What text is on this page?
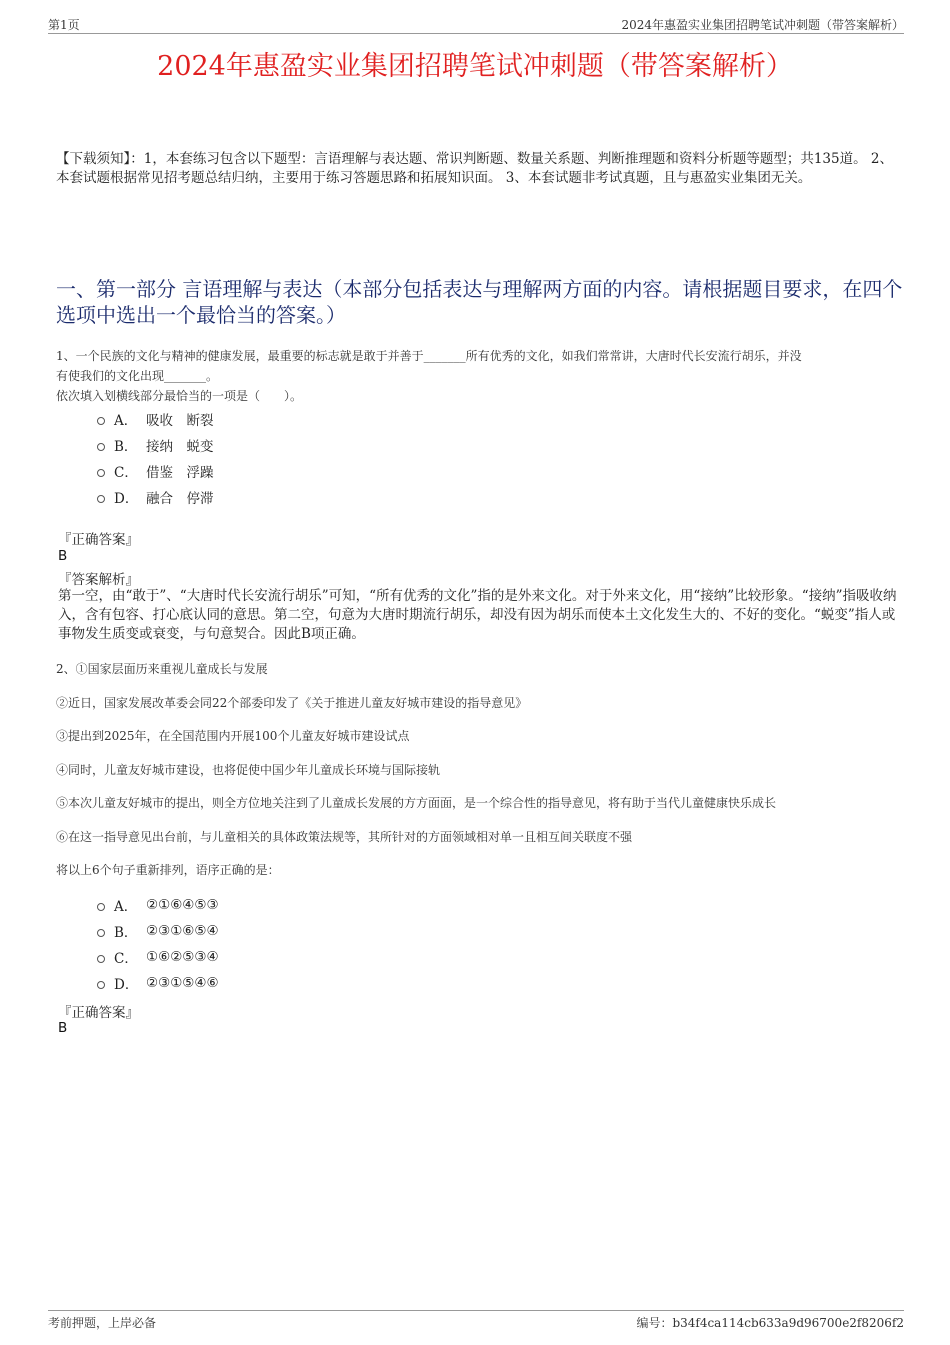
第1页	2024年惠盈实业集团招聘笔试冲刺题（带答案解析）
2024年惠盈实业集团招聘笔试冲刺题（带答案解析）
【下载须知】：1，本套练习包含以下题型：言语理解与表达题、常识判断题、数量关系题、判断推理题和资料分析题等题型；共135道。 2、本套试题根据常见招考题总结归纳，主要用于练习答题思路和拓展知识面。 3、本套试题非考试真题，且与惠盈实业集团无关。
一、第一部分 言语理解与表达（本部分包括表达与理解两方面的内容。请根据题目要求，在四个选项中选出一个最恰当的答案。）
1、一个民族的文化与精神的健康发展，最重要的标志就是敢于并善于_______所有优秀的文化，如我们常常讲，大唐时代长安流行胡乐，并没
有使我们的文化出现_______。
依次填入划横线部分最恰当的一项是（　　）。
A． 吸收　断裂
B． 接纳　蜕变
C． 借鉴　浮躁
D． 融合　停滞
『正确答案』
B
『答案解析』
第一空，由“敢于”、“大唐时代长安流行胡乐”可知，“所有优秀的文化”指的是外来文化。对于外来文化，用“接纳”比较形象。“接纳”指吸收纳入，含有包容、打心底认同的意思。第二空，句意为大唐时期流行胡乐，却没有因为胡乐而使本土文化发生大的、不好的变化。“蜕变”指人或事物发生质变或衰变，与句意契合。因此B项正确。
2、①国家层面历来重视儿童成长与发展
②近日，国家发展改革委会同22个部委印发了《关于推进儿童友好城市建设的指导意见》
③提出到2025年，在全国范围内开展100个儿童友好城市建设试点
④同时，儿童友好城市建设，也将促使中国少年儿童成长环境与国际接轨
⑤本次儿童友好城市的提出，则全方位地关注到了儿童成长发展的方方面面，是一个综合性的指导意见，将有助于当代儿童健康快乐成长
⑥在这一指导意见出台前，与儿童相关的具体政策法规等，其所针对的方面领域相对单一且相互间关联度不强
将以上6个句子重新排列，语序正确的是：
A． ②①⑥④⑤③
B． ②③①⑥⑤④
C． ①⑥②⑤③④
D． ②③①⑤④⑥
『正确答案』
B
考前押题，上岸必备	编号：b34f4ca114cb633a9d96700e2f8206f2
